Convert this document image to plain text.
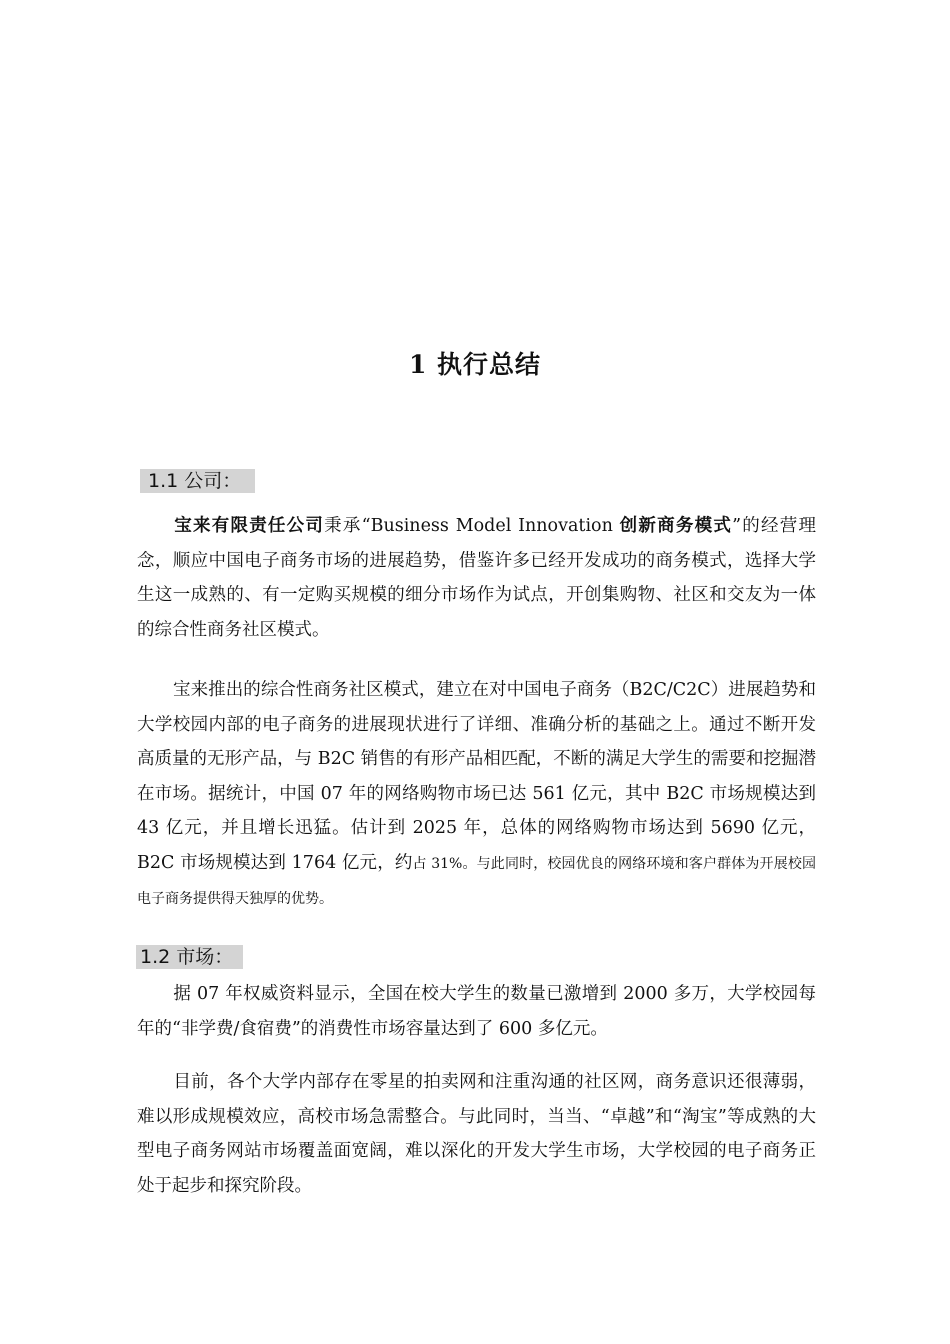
1 执行总结
1.1 公司：

宝来有限责任公司秉承“Business Model Innovation 创新商务模式”的经营理念，顺应中国电子商务市场的进展趋势，借鉴许多已经开发成功的商务模式，选择大学生这一成熟的、有一定购买规模的细分市场作为试点，开创集购物、社区和交友为一体的综合性商务社区模式。

宝来推出的综合性商务社区模式，建立在对中国电子商务（B2C/C2C）进展趋势和大学校园内部的电子商务的进展现状进行了详细、准确分析的基础之上。通过不断开发高质量的无形产品，与 B2C 销售的有形产品相匹配，不断的满足大学生的需要和挖掘潜在市场。据统计，中国 07 年的网络购物市场已达 561 亿元，其中 B2C 市场规模达到 43 亿元，并且增长迅猛。估计到 2025 年，总体的网络购物市场达到 5690 亿元，B2C 市场规模达到 1764 亿元，约占 31%。与此同时，校园优良的网络环境和客户群体为开展校园电子商务提供得天独厚的优势。

1.2 市场：

据 07 年权威资料显示，全国在校大学生的数量已激增到 2000 多万，大学校园每年的“非学费/食宿费”的消费性市场容量达到了 600 多亿元。

目前，各个大学内部存在零星的拍卖网和注重沟通的社区网，商务意识还很薄弱，难以形成规模效应，高校市场急需整合。与此同时，当当、“卓越”和“淘宝”等成熟的大型电子商务网站市场覆盖面宽阔，难以深化的开发大学生市场，大学校园的电子商务正处于起步和探究阶段。
